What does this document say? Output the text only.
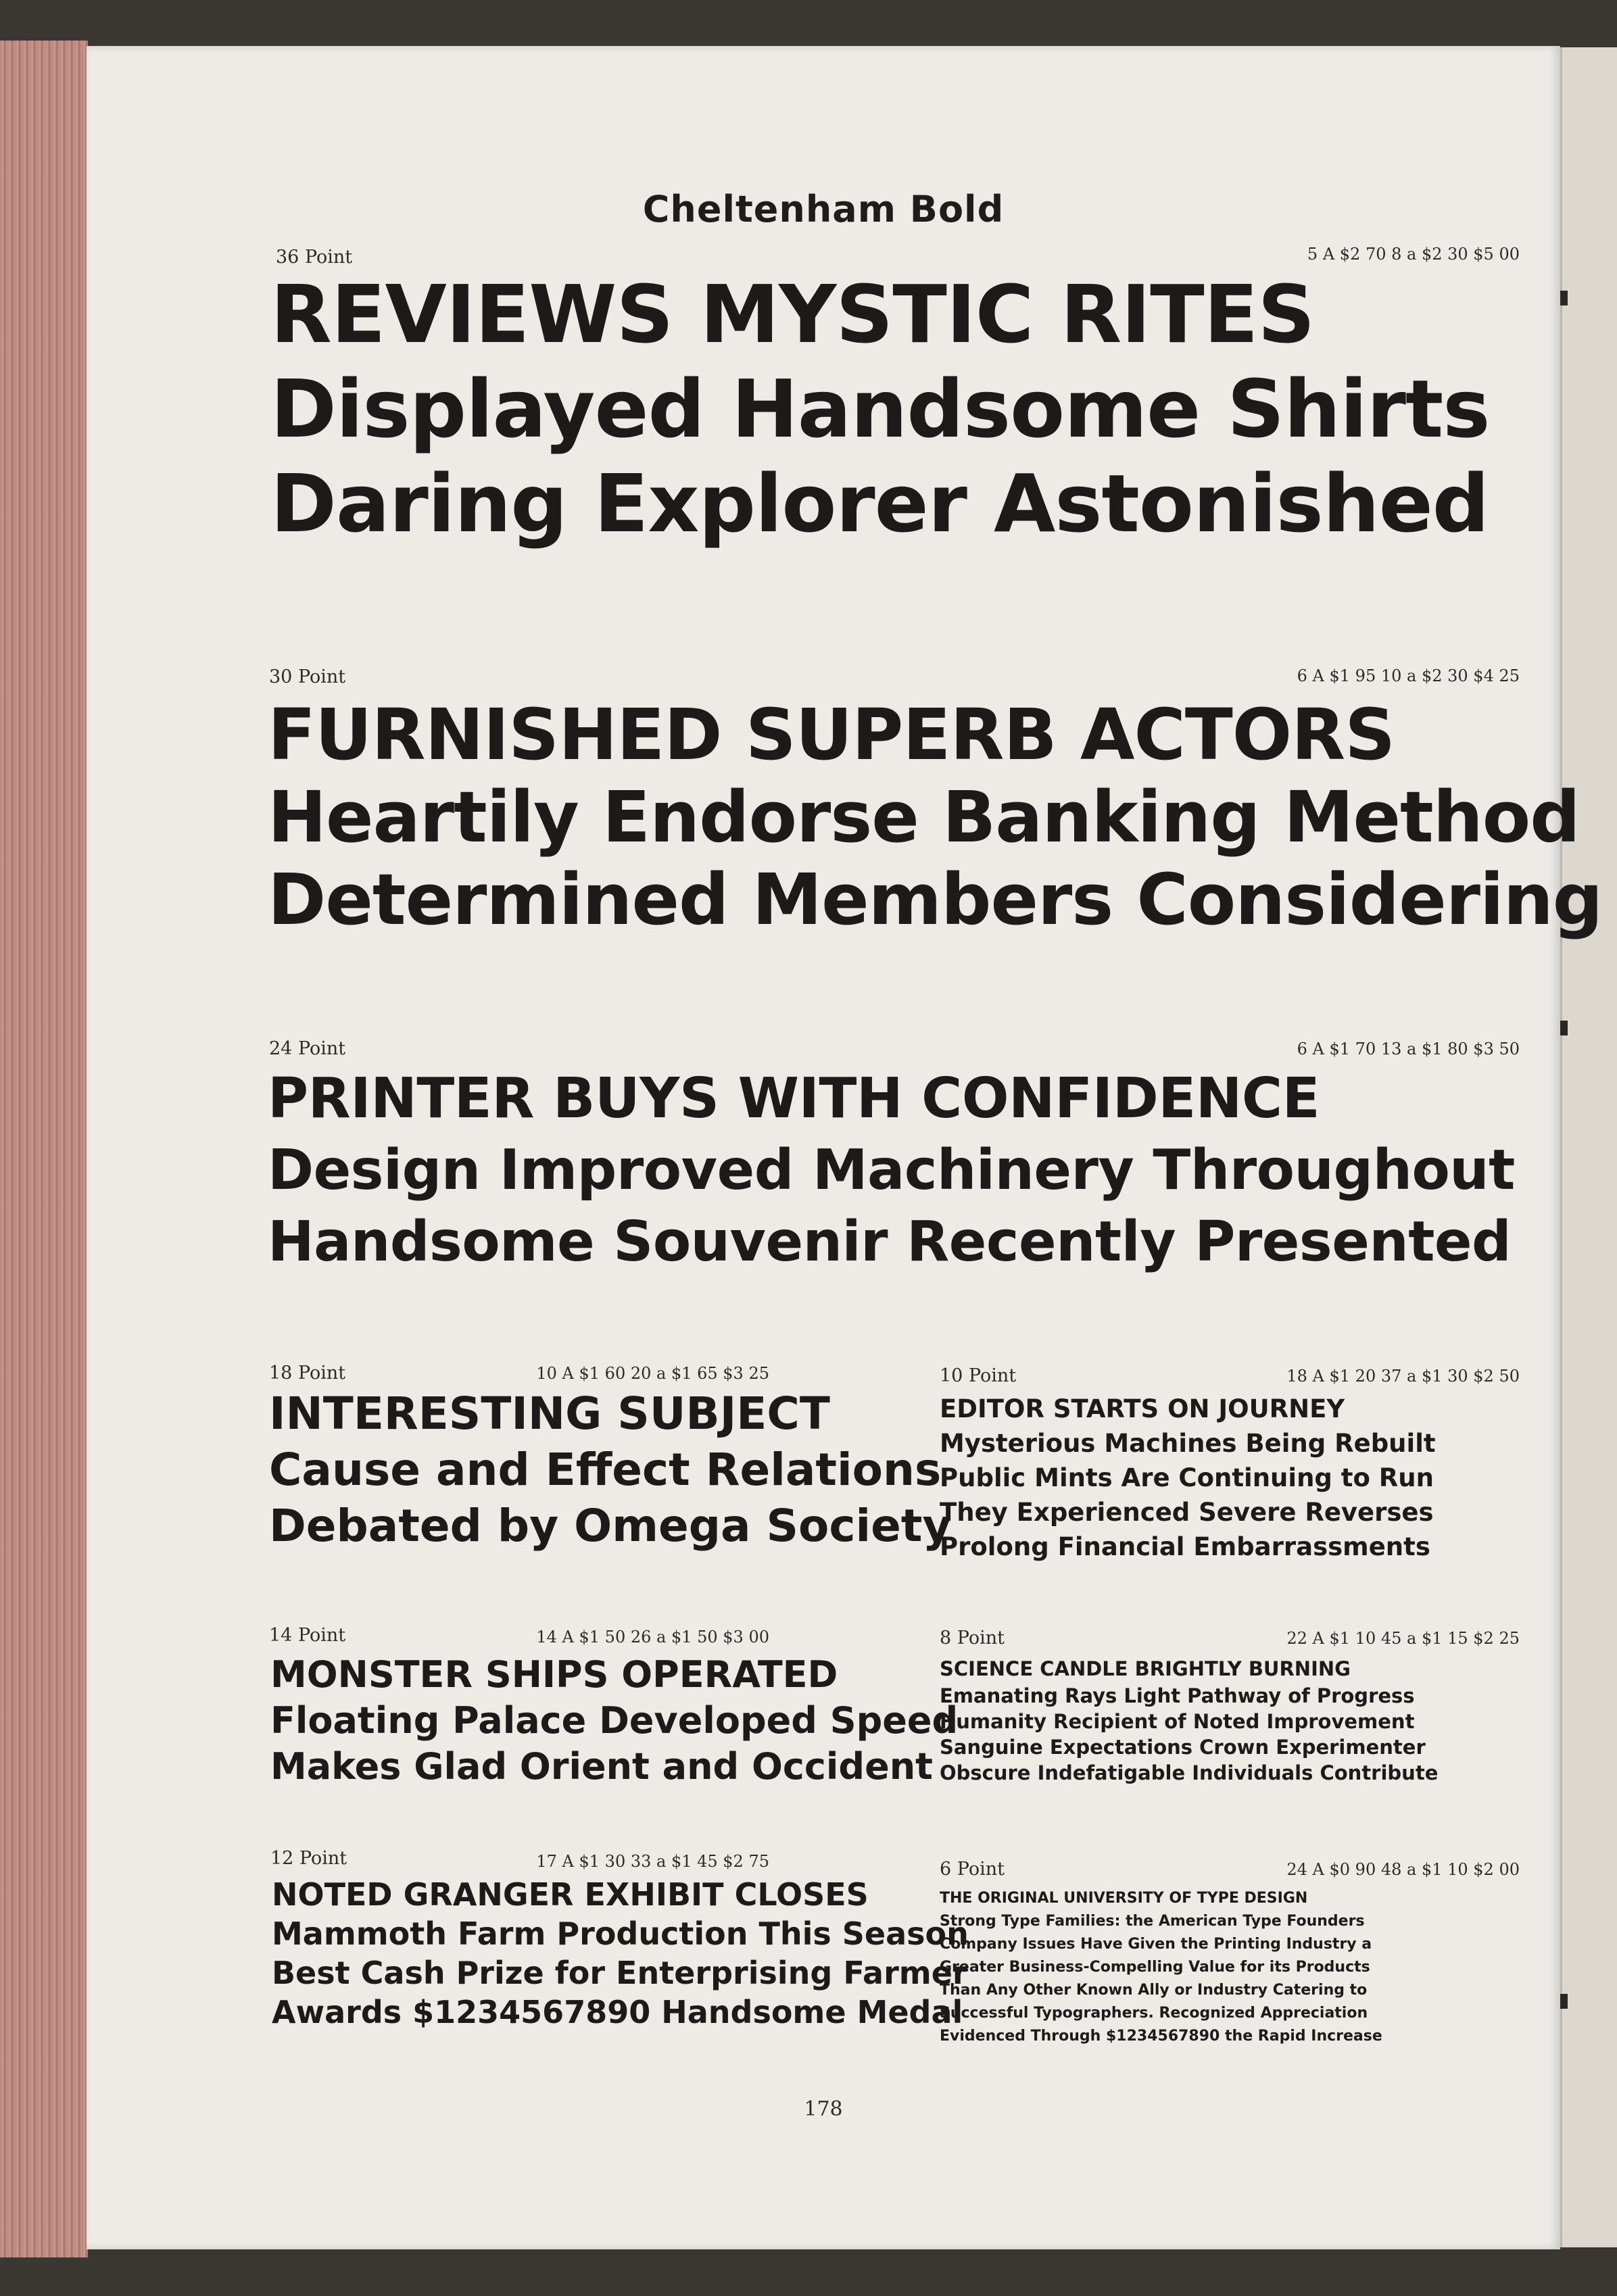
Cheltenham Bold
36 Point	5 A $2 70 8 a $2 30 $5 00
REVIEWS MYSTIC RITES
Displayed Handsome Shirts
Daring Explorer Astonished
30 Point	6 A $1 95 10 a $2 30 $4 25
FURNISHED SUPERB ACTORS
Heartily Endorse Banking Method
Determined Members Considering
24 Point	6 A $1 70 13 a $1 80 $3 50
PRINTER BUYS WITH CONFIDENCE
Design Improved Machinery Throughout
Handsome Souvenir Recently Presented
18 Point	10 A $1 60 20 a $1 65 $3 25
INTERESTING SUBJECT
Cause and Effect Relations
Debated by Omega Society
10 Point	18 A $1 20 37 a $1 30 $2 50
EDITOR STARTS ON JOURNEY
Mysterious Machines Being Rebuilt
Public Mints Are Continuing to Run
They Experienced Severe Reverses
Prolong Financial Embarrassments
14 Point	14 A $1 50 26 a $1 50 $3 00
MONSTER SHIPS OPERATED
Floating Palace Developed Speed
Makes Glad Orient and Occident
8 Point	22 A $1 10 45 a $1 15 $2 25
SCIENCE CANDLE BRIGHTLY BURNING
Emanating Rays Light Pathway of Progress
Humanity Recipient of Noted Improvement
Sanguine Expectations Crown Experimenter
Obscure Indefatigable Individuals Contribute
12 Point	17 A $1 30 33 a $1 45 $2 75
NOTED GRANGER EXHIBIT CLOSES
Mammoth Farm Production This Season
Best Cash Prize for Enterprising Farmer
Awards $1234567890 Handsome Medal
6 Point	24 A $0 90 48 a $1 10 $2 00
THE ORIGINAL UNIVERSITY OF TYPE DESIGN
Strong Type Families: the American Type Founders
Company Issues Have Given the Printing Industry a
Greater Business-Compelling Value for its Products
Than Any Other Known Ally or Industry Catering to
Successful Typographers. Recognized Appreciation
Evidenced Through $1234567890 the Rapid Increase
178
